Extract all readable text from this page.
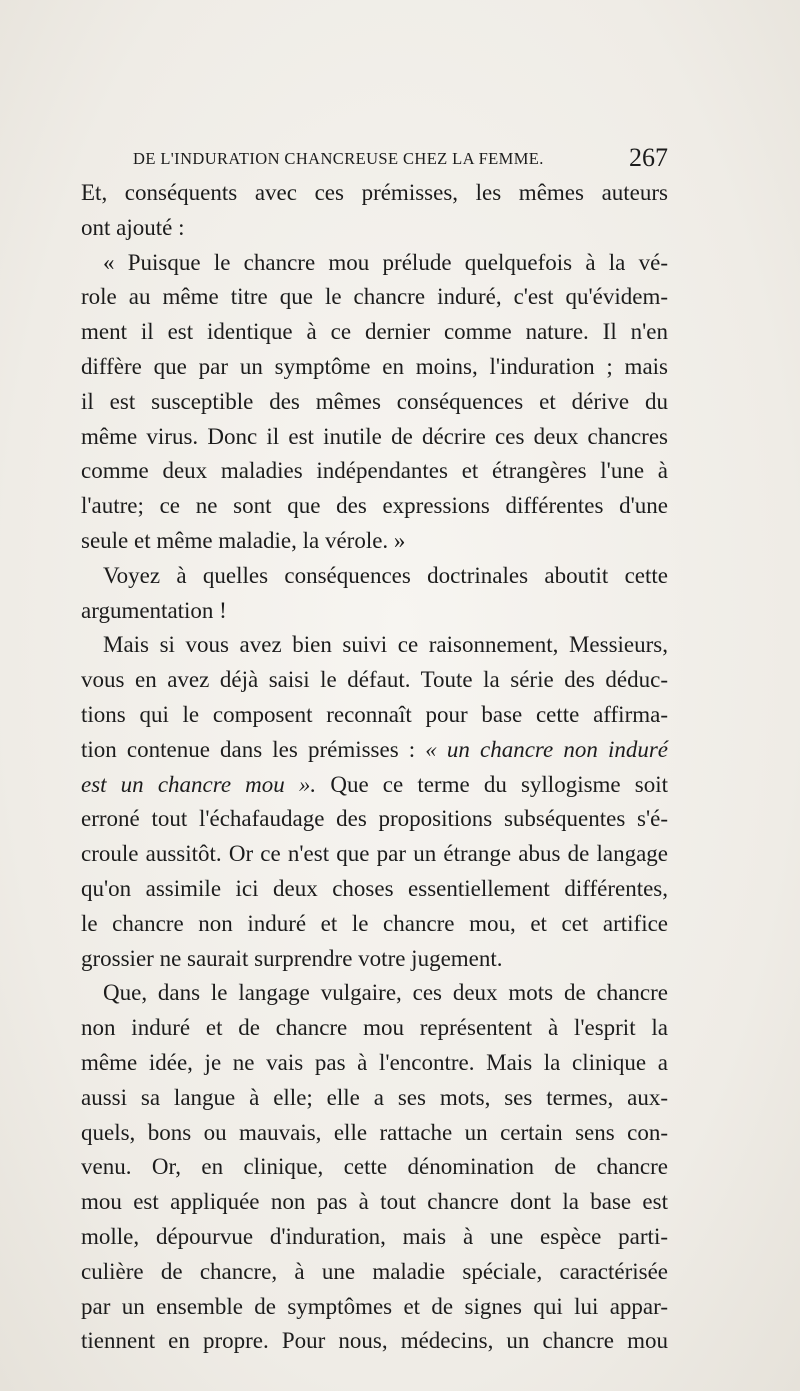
DE L'INDURATION CHANCREUSE CHEZ LA FEMME.	267
Et, conséquents avec ces prémisses, les mêmes auteurs
ont ajouté :
« Puisque le chancre mou prélude quelquefois à la vé-
role au même titre que le chancre induré, c'est qu'évidem-
ment il est identique à ce dernier comme nature. Il n'en
diffère que par un symptôme en moins, l'induration ; mais
il est susceptible des mêmes conséquences et dérive du
même virus. Donc il est inutile de décrire ces deux chancres
comme deux maladies indépendantes et étrangères l'une à
l'autre; ce ne sont que des expressions différentes d'une
seule et même maladie, la vérole. »
Voyez à quelles conséquences doctrinales aboutit cette
argumentation !
Mais si vous avez bien suivi ce raisonnement, Messieurs,
vous en avez déjà saisi le défaut. Toute la série des déduc-
tions qui le composent reconnaît pour base cette affirma-
tion contenue dans les prémisses : « un chancre non induré
est un chancre mou ». Que ce terme du syllogisme soit
erroné tout l'échafaudage des propositions subséquentes s'é-
croule aussitôt. Or ce n'est que par un étrange abus de langage
qu'on assimile ici deux choses essentiellement différentes,
le chancre non induré et le chancre mou, et cet artifice
grossier ne saurait surprendre votre jugement.
Que, dans le langage vulgaire, ces deux mots de chancre
non induré et de chancre mou représentent à l'esprit la
même idée, je ne vais pas à l'encontre. Mais la clinique a
aussi sa langue à elle; elle a ses mots, ses termes, aux-
quels, bons ou mauvais, elle rattache un certain sens con-
venu. Or, en clinique, cette dénomination de chancre
mou est appliquée non pas à tout chancre dont la base est
molle, dépourvue d'induration, mais à une espèce parti-
culière de chancre, à une maladie spéciale, caractérisée
par un ensemble de symptômes et de signes qui lui appar-
tiennent en propre. Pour nous, médecins, un chancre mou
